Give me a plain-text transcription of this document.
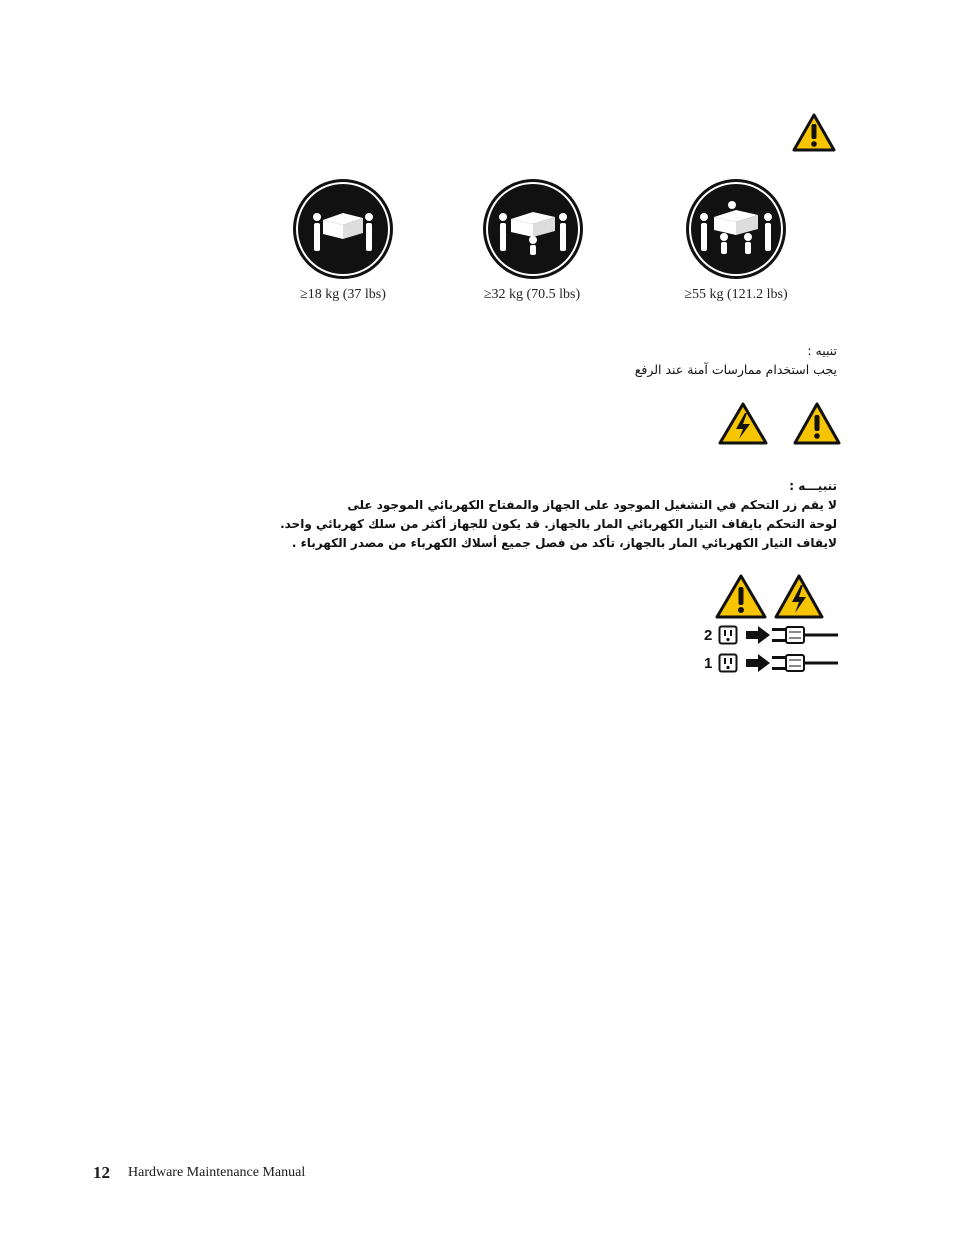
≥18 kg (37 lbs)	≥32 kg (70.5 lbs)	≥55 kg (121.2 lbs)
تنبيه :
يجب استخدام ممارسات آمنة عند الرفع
تنبيـــه :
لا يقم زر التحكم في التشغيل الموجود على الجهاز والمفتاح الكهربائي الموجود على
لوحة التحكم بايقاف التيار الكهربائي المار بالجهاز. قد يكون للجهاز أكثر من سلك كهربائي واحد.
لايقاف التيار الكهربائي المار بالجهاز، تأكد من فصل جميع أسلاك الكهرباء من مصدر الكهرباء .
2
1
12 Hardware Maintenance Manual
